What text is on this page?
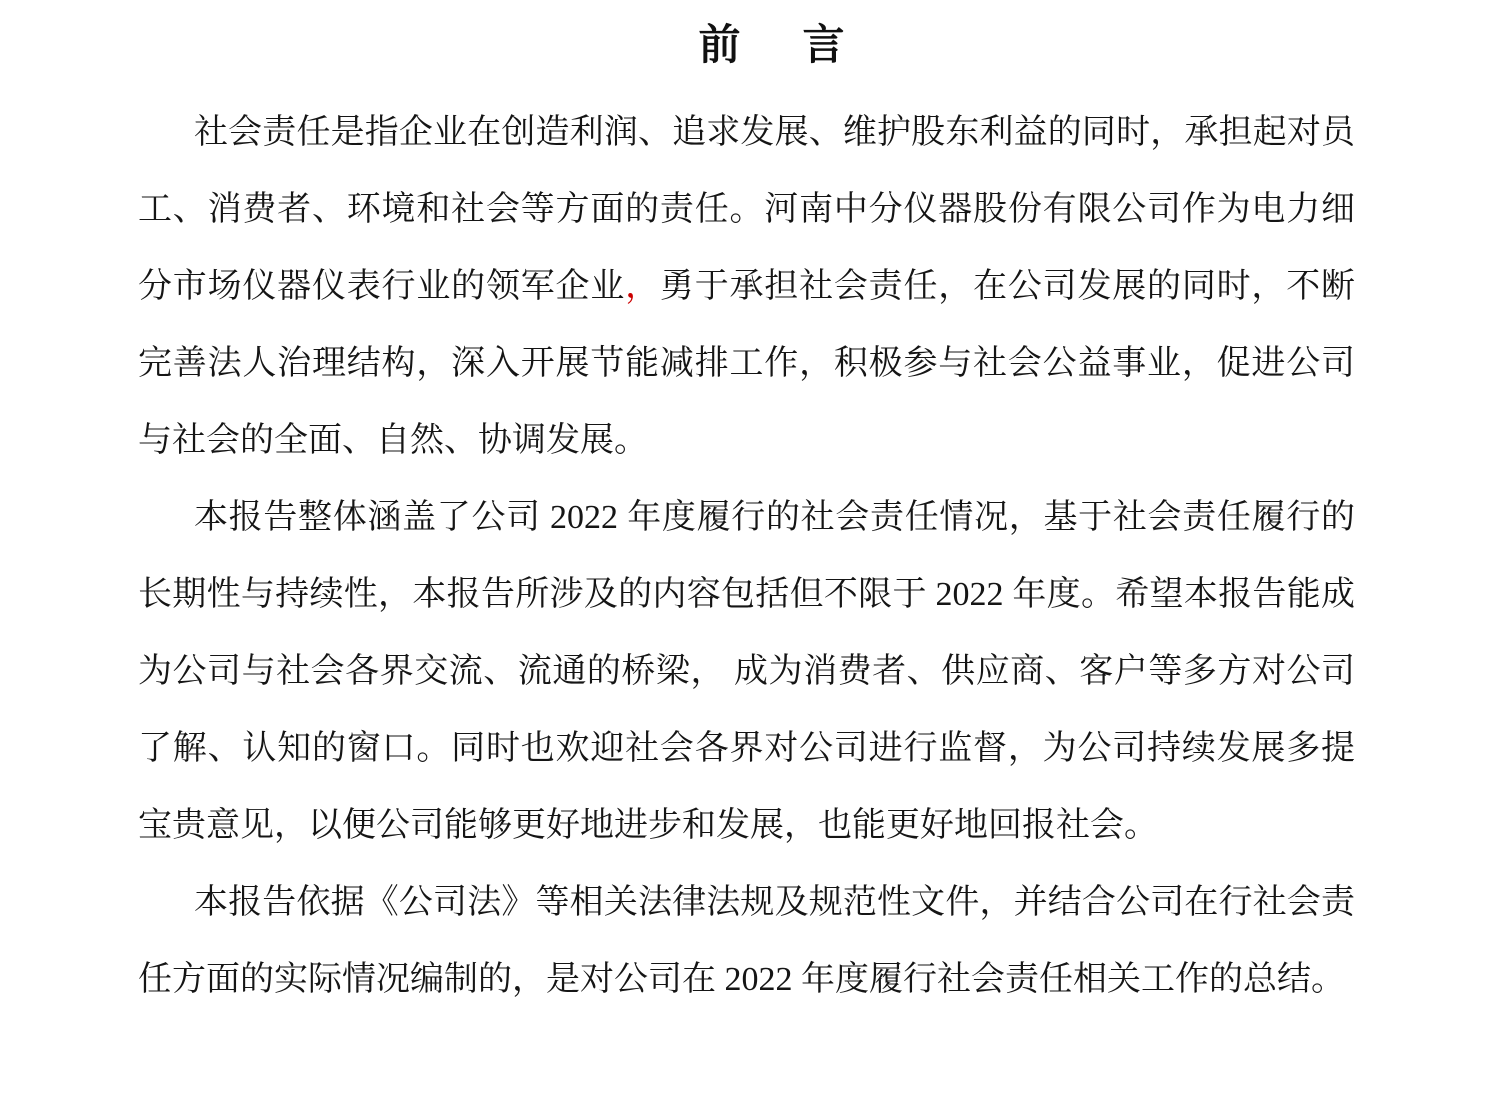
前　言

社会责任是指企业在创造利润、追求发展、维护股东利益的同时，承担起对员工、消费者、环境和社会等方面的责任。河南中分仪器股份有限公司作为电力细分市场仪器仪表行业的领军企业，勇于承担社会责任，在公司发展的同时，不断完善法人治理结构，深入开展节能减排工作，积极参与社会公益事业，促进公司与社会的全面、自然、协调发展。

本报告整体涵盖了公司 2022 年度履行的社会责任情况，基于社会责任履行的长期性与持续性，本报告所涉及的内容包括但不限于 2022 年度。希望本报告能成为公司与社会各界交流、流通的桥梁， 成为消费者、供应商、客户等多方对公司了解、认知的窗口。同时也欢迎社会各界对公司进行监督，为公司持续发展多提宝贵意见，以便公司能够更好地进步和发展，也能更好地回报社会。

本报告依据《公司法》等相关法律法规及规范性文件，并结合公司在行社会责任方面的实际情况编制的，是对公司在 2022 年度履行社会责任相关工作的总结。
